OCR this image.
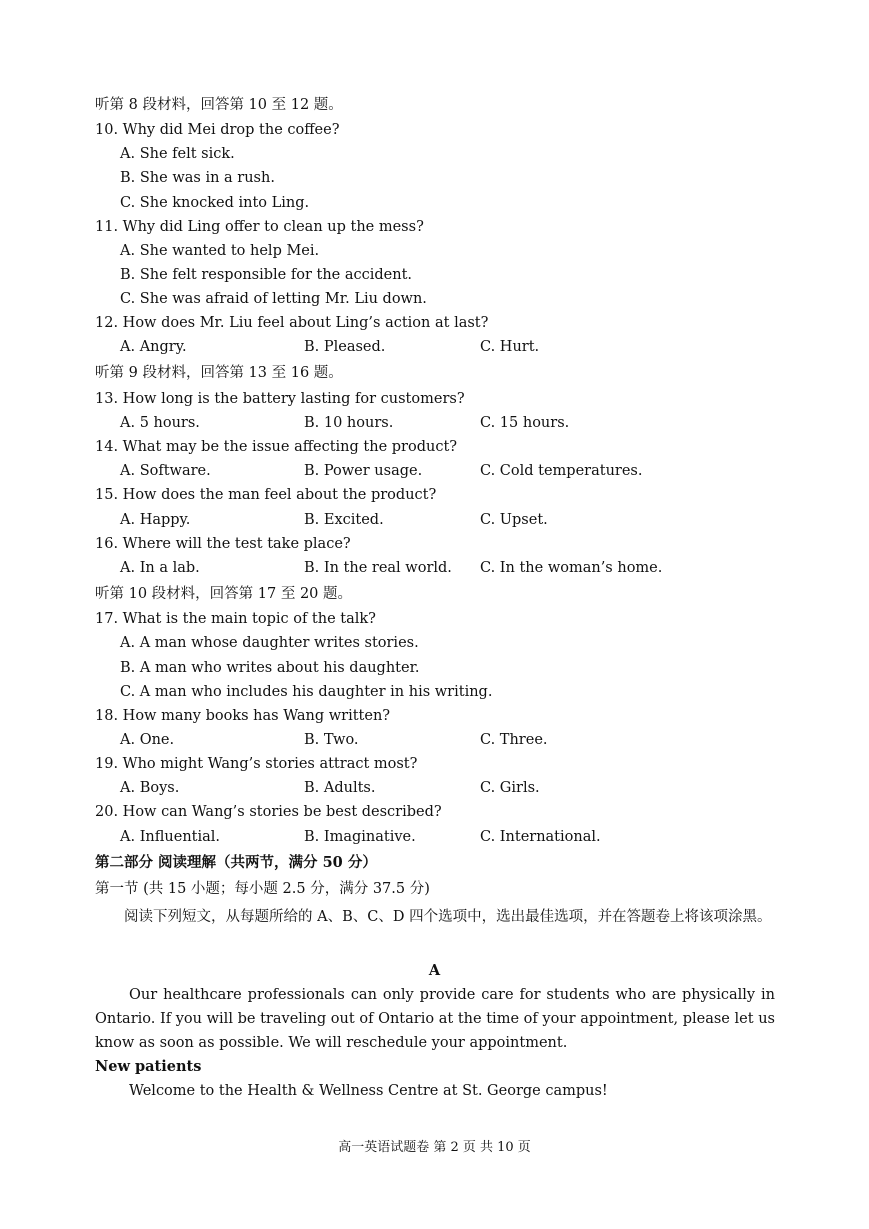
听第 8 段材料，回答第 10 至 12 题。
10. Why did Mei drop the coffee?
A. She felt sick.
B. She was in a rush.
C. She knocked into Ling.
11. Why did Ling offer to clean up the mess?
A. She wanted to help Mei.
B. She felt responsible for the accident.
C. She was afraid of letting Mr. Liu down.
12. How does Mr. Liu feel about Ling’s action at last?
A. Angry.	B. Pleased.	C. Hurt.
听第 9 段材料，回答第 13 至 16 题。
13. How long is the battery lasting for customers?
A. 5 hours.	B. 10 hours.	C. 15 hours.
14. What may be the issue affecting the product?
A. Software.	B. Power usage.	C. Cold temperatures.
15. How does the man feel about the product?
A. Happy.	B. Excited.	C. Upset.
16. Where will the test take place?
A. In a lab.	B. In the real world. C. In the woman’s home.
听第 10 段材料，回答第 17 至 20 题。
17. What is the main topic of the talk?
A. A man whose daughter writes stories.
B. A man who writes about his daughter.
C. A man who includes his daughter in his writing.
18. How many books has Wang written?
A. One.	B. Two.	C. Three.
19. Who might Wang’s stories attract most?
A. Boys.	B. Adults.	C. Girls.
20. How can Wang’s stories be best described?
A. Influential.	B. Imaginative.	C. International.
第二部分 阅读理解（共两节，满分 50 分）
第一节 (共 15 小题；每小题 2.5 分，满分 37.5 分)
阅读下列短文，从每题所给的 A、B、C、D 四个选项中，选出最佳选项，并在答题卷上将该项涂黑。
A
Our healthcare professionals can only provide care for students who are physically in Ontario. If you will be traveling out of Ontario at the time of your appointment, please let us know as soon as possible. We will reschedule your appointment.
New patients
Welcome to the Health & Wellness Centre at St. George campus!
高一英语试题卷 第 2 页 共 10 页
